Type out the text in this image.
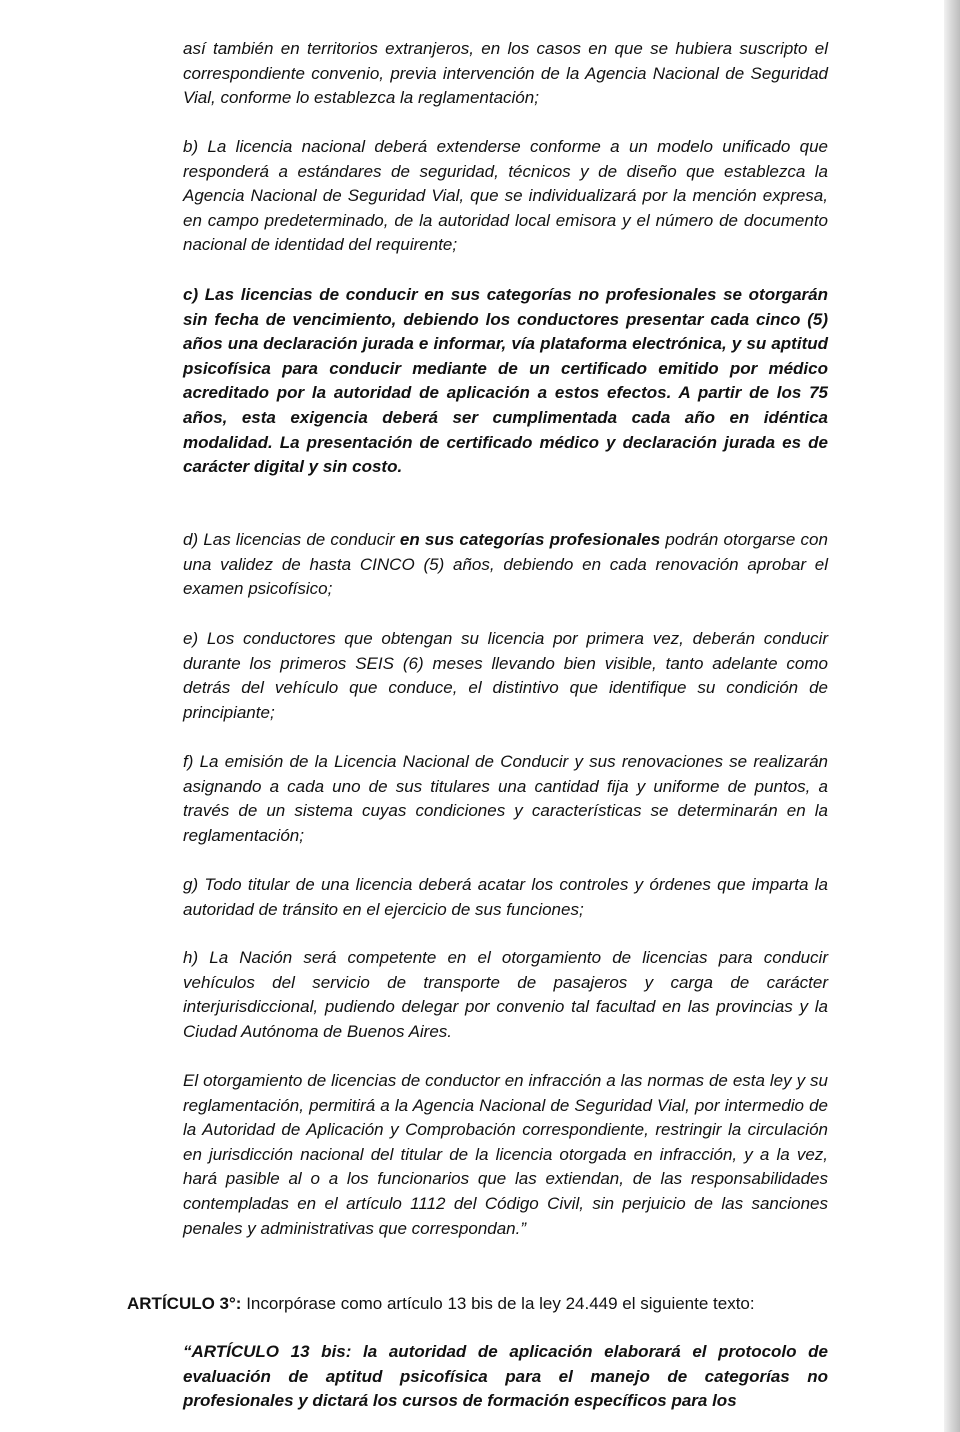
así también en territorios extranjeros, en los casos en que se hubiera suscripto el correspondiente convenio, previa intervención de la Agencia Nacional de Seguridad Vial, conforme lo establezca la reglamentación;

b) La licencia nacional deberá extenderse conforme a un modelo unificado que responderá a estándares de seguridad, técnicos y de diseño que establezca la Agencia Nacional de Seguridad Vial, que se individualizará por la mención expresa, en campo predeterminado, de la autoridad local emisora y el número de documento nacional de identidad del requirente;

c) Las licencias de conducir en sus categorías no profesionales se otorgarán sin fecha de vencimiento, debiendo los conductores presentar cada cinco (5) años una declaración jurada e informar, vía plataforma electrónica, y su aptitud psicofísica para conducir mediante de un certificado emitido por médico acreditado por la autoridad de aplicación a estos efectos. A partir de los 75 años, esta exigencia deberá ser cumplimentada cada año en idéntica modalidad. La presentación de certificado médico y declaración jurada es de carácter digital y sin costo.

d) Las licencias de conducir en sus categorías profesionales podrán otorgarse con una validez de hasta CINCO (5) años, debiendo en cada renovación aprobar el examen psicofísico;

e) Los conductores que obtengan su licencia por primera vez, deberán conducir durante los primeros SEIS (6) meses llevando bien visible, tanto adelante como detrás del vehículo que conduce, el distintivo que identifique su condición de principiante;

f) La emisión de la Licencia Nacional de Conducir y sus renovaciones se realizarán asignando a cada uno de sus titulares una cantidad fija y uniforme de puntos, a través de un sistema cuyas condiciones y características se determinarán en la reglamentación;

g) Todo titular de una licencia deberá acatar los controles y órdenes que imparta la autoridad de tránsito en el ejercicio de sus funciones;

h) La Nación será competente en el otorgamiento de licencias para conducir vehículos del servicio de transporte de pasajeros y carga de carácter interjurisdiccional, pudiendo delegar por convenio tal facultad en las provincias y la Ciudad Autónoma de Buenos Aires.

El otorgamiento de licencias de conductor en infracción a las normas de esta ley y su reglamentación, permitirá a la Agencia Nacional de Seguridad Vial, por intermedio de la Autoridad de Aplicación y Comprobación correspondiente, restringir la circulación en jurisdicción nacional del titular de la licencia otorgada en infracción, y a la vez, hará pasible al o a los funcionarios que las extiendan, de las responsabilidades contempladas en el artículo 1112 del Código Civil, sin perjuicio de las sanciones penales y administrativas que correspondan.”

ARTÍCULO 3°: Incorpórase como artículo 13 bis de la ley 24.449 el siguiente texto:

“ARTÍCULO 13 bis: la autoridad de aplicación elaborará el protocolo de evaluación de aptitud psicofísica para el manejo de categorías no profesionales y dictará los cursos de formación específicos para los
